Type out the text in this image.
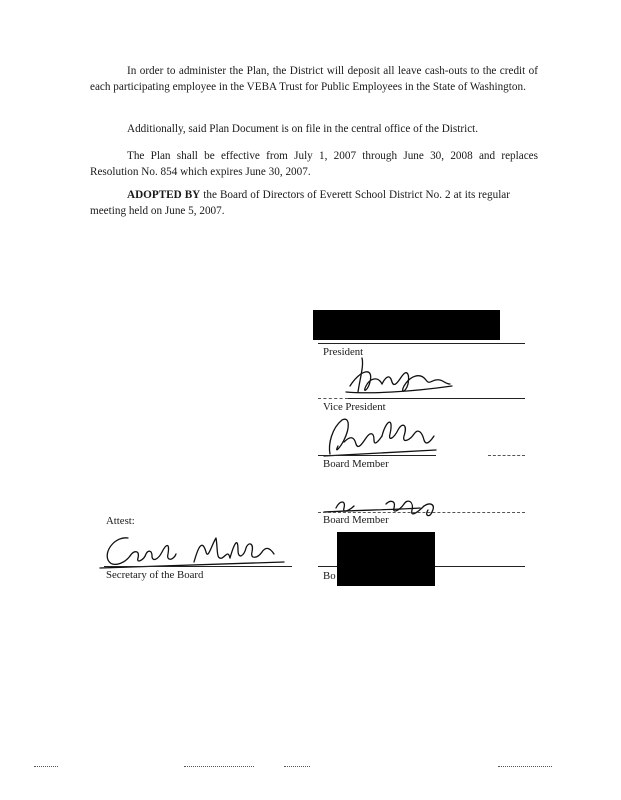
In order to administer the Plan, the District will deposit all leave cash-outs to the credit of each participating employee in the VEBA Trust for Public Employees in the State of Washington.

Additionally, said Plan Document is on file in the central office of the District.

The Plan shall be effective from July 1, 2007 through June 30, 2008 and replaces Resolution No. 854 which expires June 30, 2007.

ADOPTED BY the Board of Directors of Everett School District No. 2 at its regular meeting held on June 5, 2007.

President
Vice President
Board Member
Board Member
Attest:
Secretary of the Board	Bo
